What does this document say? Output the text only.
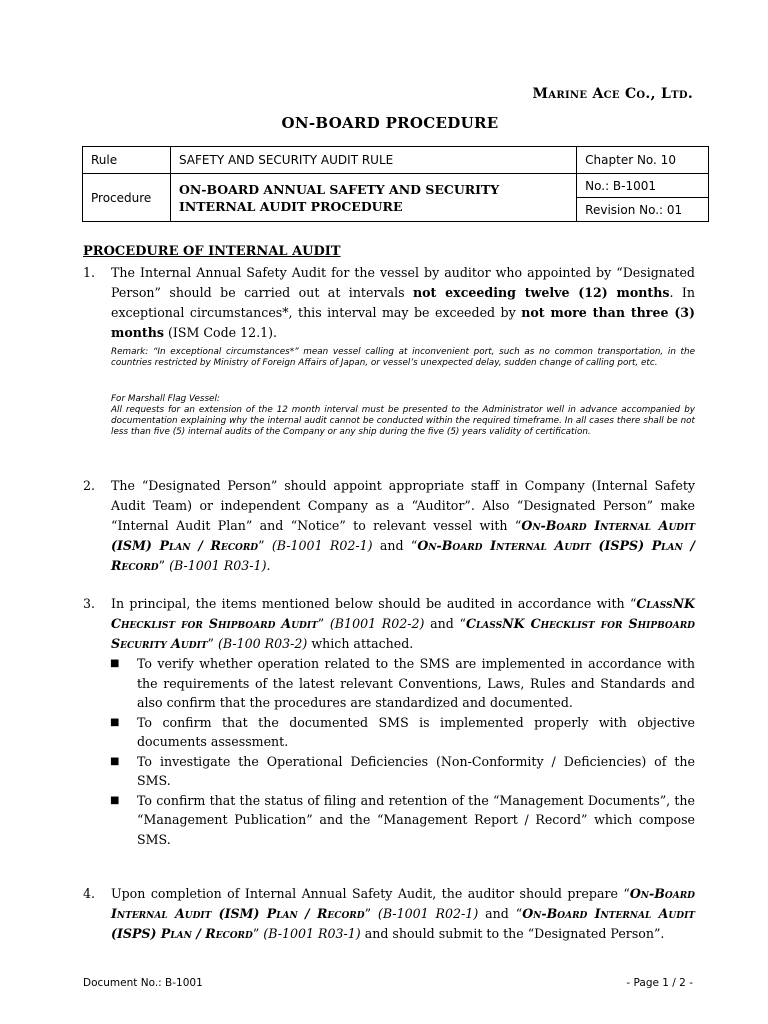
Marine Ace Co., Ltd.
ON-BOARD PROCEDURE
Rule	SAFETY AND SECURITY AUDIT RULE	Chapter No. 10
Procedure	ON-BOARD ANNUAL SAFETY AND SECURITY INTERNAL AUDIT PROCEDURE	No.: B-1001
		Revision No.: 01
PROCEDURE OF INTERNAL AUDIT
1. The Internal Annual Safety Audit for the vessel by auditor who appointed by “Designated Person” should be carried out at intervals not exceeding twelve (12) months. In exceptional circumstances*, this interval may be exceeded by not more than three (3) months (ISM Code 12.1).
Remark: “In exceptional circumstances*” mean vessel calling at inconvenient port, such as no common transportation, in the countries restricted by Ministry of Foreign Affairs of Japan, or vessel’s unexpected delay, sudden change of calling port, etc.
For Marshall Flag Vessel:
All requests for an extension of the 12 month interval must be presented to the Administrator well in advance accompanied by documentation explaining why the internal audit cannot be conducted within the required timeframe. In all cases there shall be not less than five (5) internal audits of the Company or any ship during the five (5) years validity of certification.
2. The “Designated Person” should appoint appropriate staff in Company (Internal Safety Audit Team) or independent Company as a “Auditor”. Also “Designated Person” make “Internal Audit Plan” and “Notice” to relevant vessel with “On-Board Internal Audit (ISM) Plan / Record” (B-1001 R02-1) and “On-Board Internal Audit (ISPS) Plan / Record” (B-1001 R03-1).
3. In principal, the items mentioned below should be audited in accordance with “ClassNK Checklist for Shipboard Audit” (B1001 R02-2) and “ClassNK Checklist for Shipboard Security Audit” (B-100 R03-2) which attached.
■ To verify whether operation related to the SMS are implemented in accordance with the requirements of the latest relevant Conventions, Laws, Rules and Standards and also confirm that the procedures are standardized and documented.
■ To confirm that the documented SMS is implemented properly with objective documents assessment.
■ To investigate the Operational Deficiencies (Non-Conformity / Deficiencies) of the SMS.
■ To confirm that the status of filing and retention of the “Management Documents”, the “Management Publication” and the “Management Report / Record” which compose SMS.
4. Upon completion of Internal Annual Safety Audit, the auditor should prepare “On-Board Internal Audit (ISM) Plan / Record” (B-1001 R02-1) and “On-Board Internal Audit (ISPS) Plan / Record” (B-1001 R03-1) and should submit to the “Designated Person”.
Document No.: B-1001	- Page 1 / 2 -
